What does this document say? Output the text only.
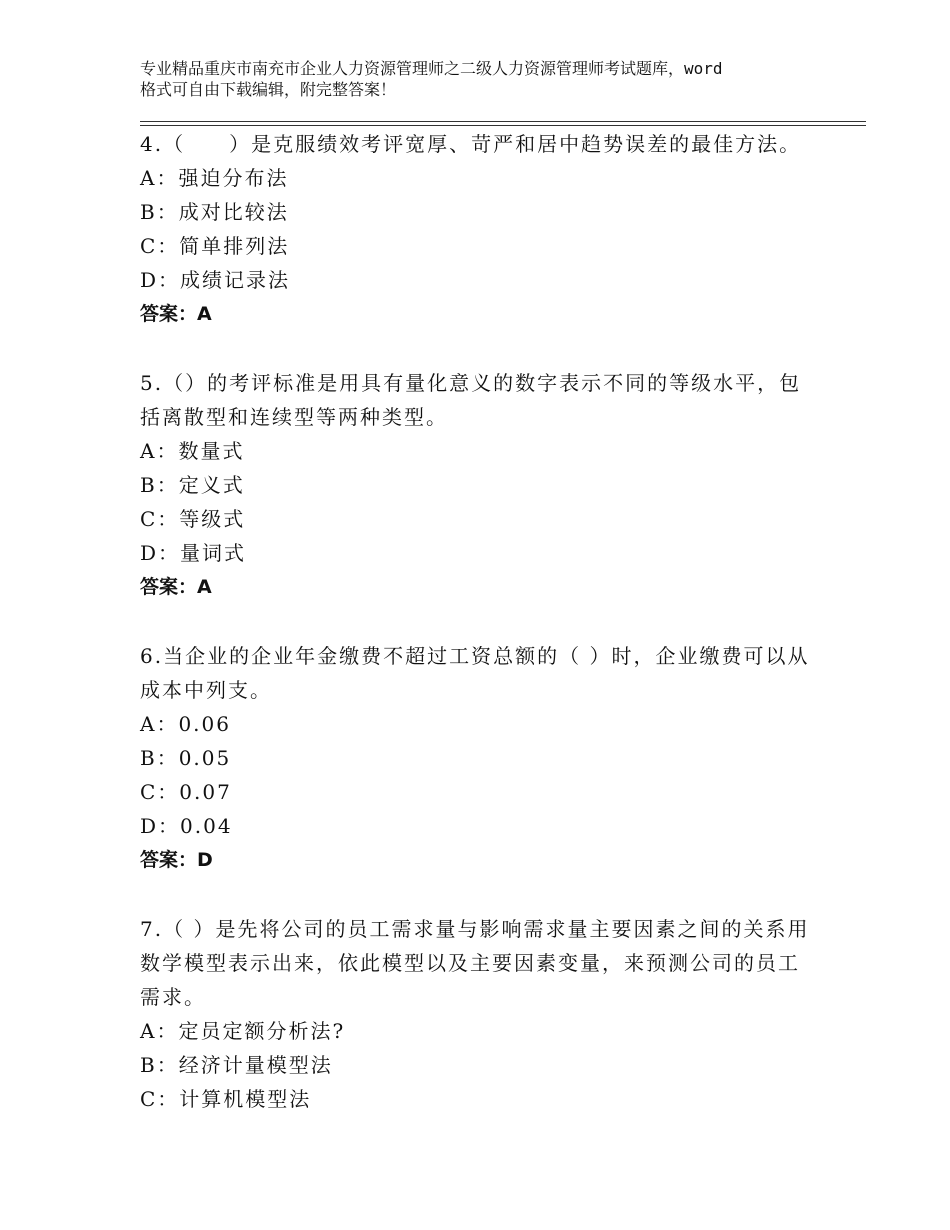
专业精品重庆市南充市企业人力资源管理师之二级人力资源管理师考试题库，word
格式可自由下载编辑，附完整答案！
4.（　　）是克服绩效考评宽厚、苛严和居中趋势误差的最佳方法。
A：强迫分布法
B：成对比较法
C：简单排列法
D：成绩记录法
答案：A
5.（）的考评标准是用具有量化意义的数字表示不同的等级水平，包
括离散型和连续型等两种类型。
A：数量式
B：定义式
C：等级式
D：量词式
答案：A
6.当企业的企业年金缴费不超过工资总额的（ ）时，企业缴费可以从
成本中列支。
A：0.06
B：0.05
C：0.07
D：0.04
答案：D
7.（ ）是先将公司的员工需求量与影响需求量主要因素之间的关系用
数学模型表示出来，依此模型以及主要因素变量，来预测公司的员工
需求。
A：定员定额分析法?
B：经济计量模型法
C：计算机模型法
